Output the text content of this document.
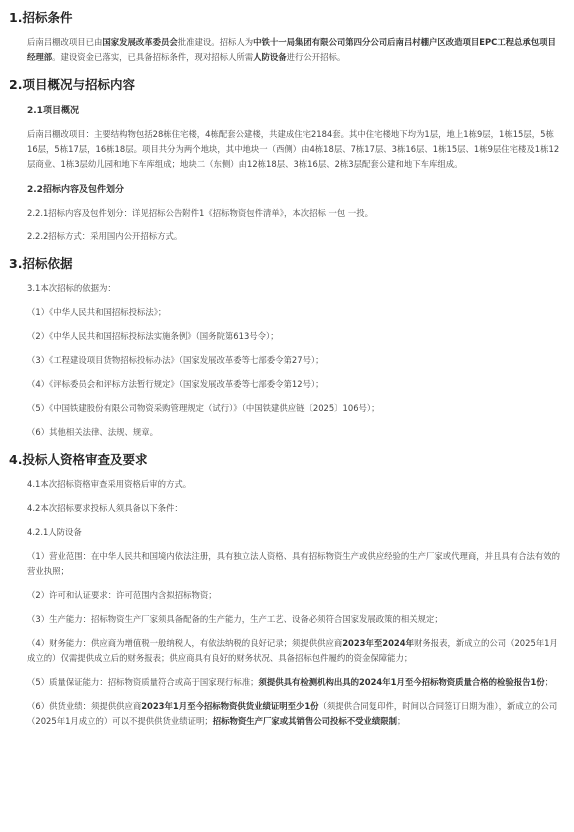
1.招标条件

后南吕棚改项目已由国家发展改革委员会批准建设。招标人为中铁十一局集团有限公司第四分公司后南吕村棚户区改造项目EPC工程总承包项目经理部。建设资金已落实，已具备招标条件，现对招标人所需人防设备进行公开招标。

2.项目概况与招标内容
2.1项目概况

后南吕棚改项目：主要结构物包括28栋住宅楼，4栋配套公建楼，共建成住宅2184套。其中住宅楼地下均为1层，地上1栋9层，1栋15层，5栋16层，5栋17层，16栋18层。项目共分为两个地块，其中地块一（西侧）由4栋18层、7栋17层、3栋16层、1栋15层、1栋9层住宅楼及1栋12层商业、1栋3层幼儿园和地下车库组成；地块二（东侧）由12栋18层、3栋16层、2栋3层配套公建和地下车库组成。

2.2招标内容及包件划分

2.2.1招标内容及包件划分：详见招标公告附件1《招标物资包件清单》，本次招标 一包 一投。

2.2.2招标方式：采用国内公开招标方式。

3.招标依据

3.1本次招标的依据为：

（1）《中华人民共和国招标投标法》；

（2）《中华人民共和国招标投标法实施条例》（国务院第613号令）；

（3）《工程建设项目货物招标投标办法》（国家发展改革委等七部委令第27号）；

（4）《评标委员会和评标方法暂行规定》（国家发展改革委等七部委令第12号）；

（5）《中国铁建股份有限公司物资采购管理规定（试行）》（中国铁建供应链〔2025〕106号）；

（6）其他相关法律、法规、规章。

4.投标人资格审查及要求

4.1本次招标资格审查采用资格后审的方式。

4.2本次招标要求投标人须具备以下条件：

4.2.1人防设备

（1）营业范围：在中华人民共和国境内依法注册，具有独立法人资格、具有招标物资生产或供应经验的生产厂家或代理商，并且具有合法有效的营业执照；

（2）许可和认证要求：许可范围内含拟招标物资；

（3）生产能力：招标物资生产厂家须具备配备的生产能力，生产工艺、设备必须符合国家发展政策的相关规定；

（4）财务能力：供应商为增值税一般纳税人，有依法纳税的良好记录；须提供供应商2023年至2024年财务报表，新成立的公司（2025年1月成立的）仅需提供成立后的财务报表；供应商具有良好的财务状况、具备招标包件履约的资金保障能力；

（5）质量保证能力：招标物资质量符合或高于国家现行标准；须提供具有检测机构出具的2024年1月至今招标物资质量合格的检验报告1份；

（6）供货业绩：须提供供应商2023年1月至今招标物资供货业绩证明至少1份（须提供合同复印件，时间以合同签订日期为准），新成立的公司（2025年1月成立的）可以不提供供货业绩证明；招标物资生产厂家或其销售公司投标不受业绩限制；
